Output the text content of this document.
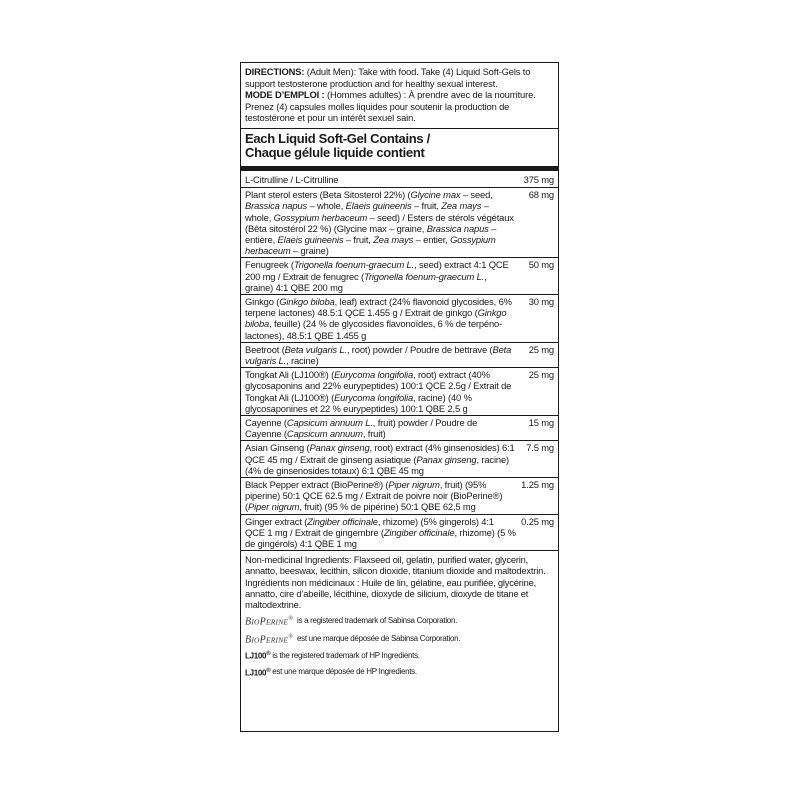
DIRECTIONS: (Adult Men): Take with food. Take (4) Liquid Soft-Gels to support testosterone production and for healthy sexual interest.
MODE D’EMPLOI : (Hommes adultes) : À prendre avec de la nourriture. Prenez (4) capsules molles liquides pour soutenir la production de testostérone et pour un intérêt sexuel sain.
Each Liquid Soft-Gel Contains /
Chaque gélule liquide contient
L-Citrulline / L-Citrulline	375 mg
Plant sterol esters (Beta Sitosterol 22%) (Glycine max – seed, Brassica napus – whole, Elaeis guineenis – fruit, Zea mays – whole, Gossypium herbaceum – seed) / Esters de stérols végétaux (Bêta sitostérol 22 %) (Glycine max – graine, Brassica napus – entière, Elaeis guineenis – fruit, Zea mays – entier, Gossypium herbaceum – graine)
68 mg
Fenugreek (Trigonella foenum-graecum L., seed) extract 4:1 QCE 200 mg / Extrait de fenugrec (Trigonella foenum-graecum L., graine) 4:1 QBE 200 mg
50 mg
Ginkgo (Ginkgo biloba, leaf) extract (24% flavonoid glycosides, 6% terpene lactones) 48.5:1 QCE 1.455 g / Extrait de ginkgo (Ginkgo biloba, feuille) (24 % de glycosides flavonoïdes, 6 % de terpéno-lactones), 48.5:1 QBE 1.455 g
30 mg
Beetroot (Beta vulgaris L., root) powder / Poudre de bettrave (Beta vulgaris L., racine)
25 mg
Tongkat Ali (LJ100®) (Eurycoma longifolia, root) extract (40% glycosaponins and 22% eurypeptides) 100:1 QCE 2.5g / Extrait de Tongkat Ali (LJ100®) (Eurycoma longifolia, racine) (40 % glycosaponines et 22 % eurypeptides) 100:1 QBE 2,5 g
25 mg
Cayenne (Capsicum annuum L., fruit) powder / Poudre de Cayenne (Capsicum annuum, fruit)
15 mg
Asian Ginseng (Panax ginseng, root) extract (4% ginsenosides) 6:1 QCE 45 mg / Extrait de ginseng asiatique (Panax ginseng, racine) (4% de ginsenosides totaux) 6:1 QBE 45 mg
7.5 mg
Black Pepper extract (BioPerine®) (Piper nigrum, fruit) (95% piperine) 50:1 QCE 62.5 mg / Extrait de poivre noir (BioPerine®) (Piper nigrum, fruit) (95 % de pipérine) 50:1 QBE 62,5 mg
1.25 mg
Ginger extract (Zingiber officinale, rhizome) (5% gingerols) 4:1 QCE 1 mg / Extrait de gingembre (Zingiber officinale, rhizome) (5 % de gingérols) 4:1 QBE 1 mg
0.25 mg
Non-medicinal Ingredients: Flaxseed oil, gelatin, purified water, glycerin, annatto, beeswax, lecithin, silicon dioxide, titanium dioxide and maltodextrin.
Ingrédients non médicinaux : Huile de lin, gélatine, eau purifiée, glycérine, annatto, cire d’abeille, lécithine, dioxyde de silicium, dioxyde de titane et maltodextrine.
BIOPERINE® is a registered trademark of Sabinsa Corporation.
BIOPERINE® est une marque déposée de Sabinsa Corporation.
LJ100®
is the registered trademark of HP Ingredients.
LJ100®
est une marque déposée de HP Ingredients.
